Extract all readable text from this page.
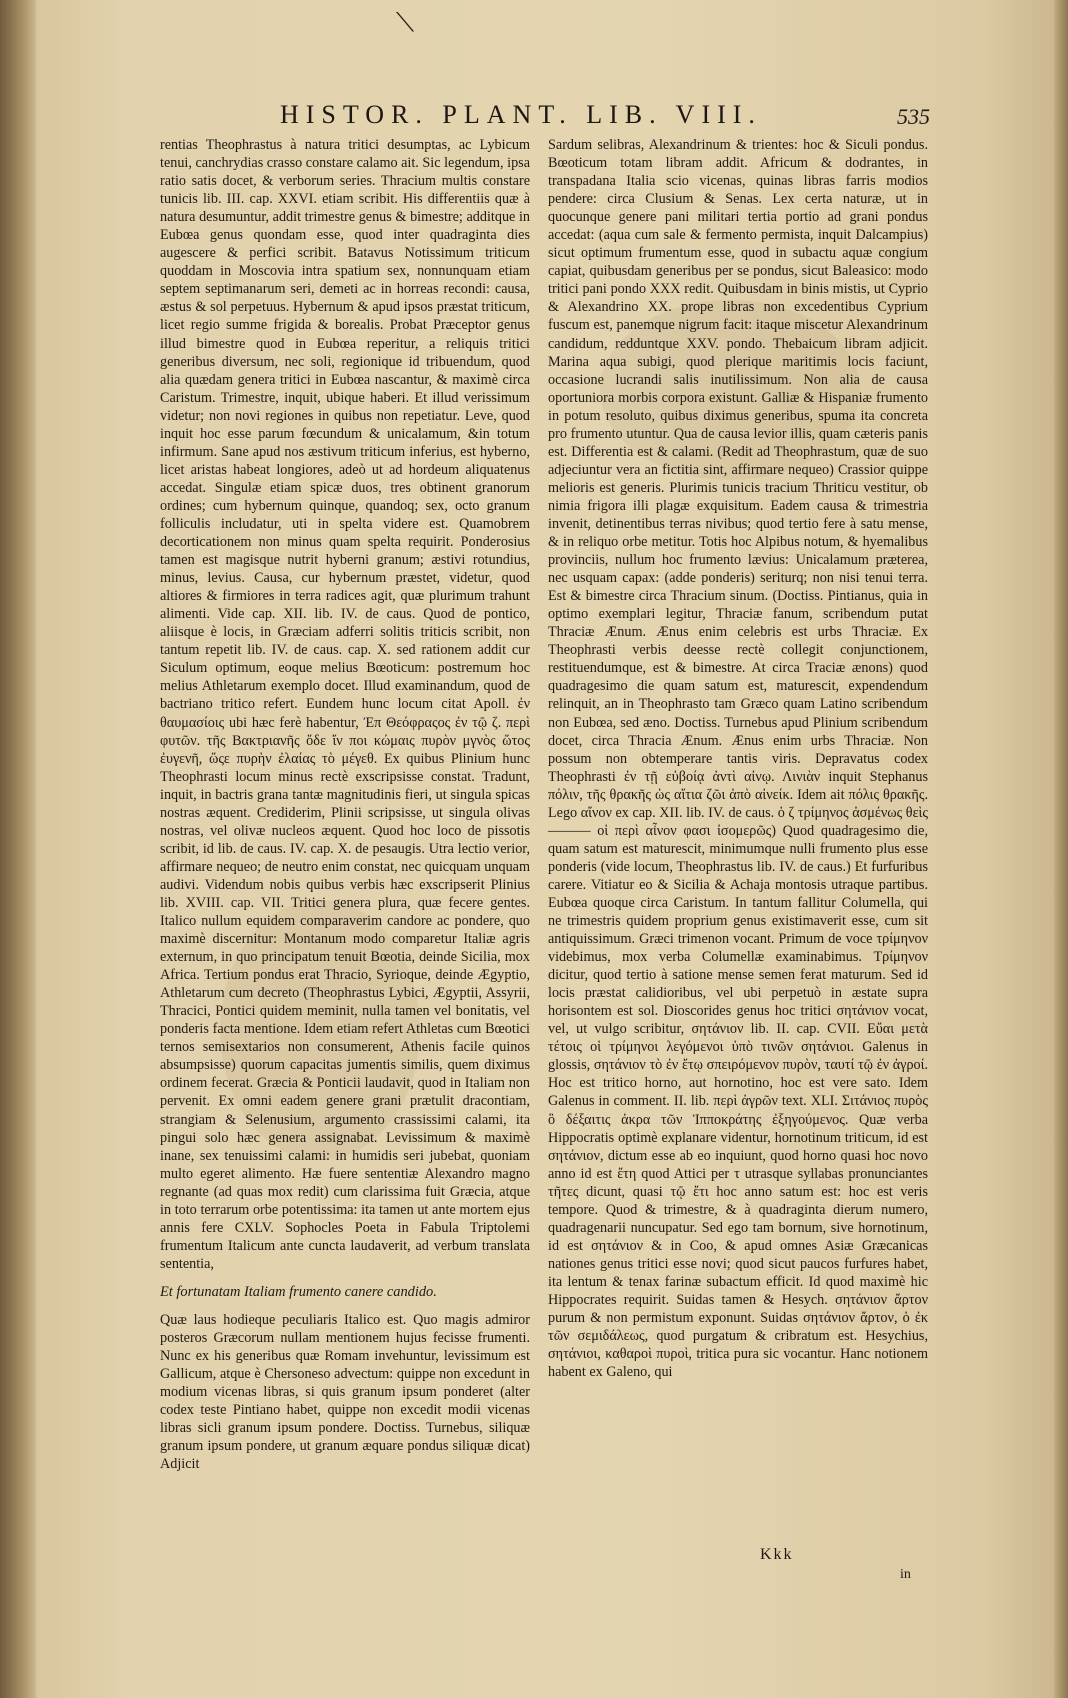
⟍
HISTOR. PLANT. LIB. VIII.	535

rentias Theophrastus à natura tritici desumptas, ac Lybicum tenui, canchrydias crasso constare calamo ait. Sic legendum, ipsa ratio satis docet, & verborum series. Thracium multis constare tunicis lib. III. cap. XXVI. etiam scribit. His differentiis quæ à natura desumuntur, addit trimestre genus & bimestre; additque in Eubœa genus quondam esse, quod inter quadraginta dies augescere & perfici scribit. Batavus Notissimum triticum quoddam in Moscovia intra spatium sex, nonnunquam etiam septem septimanarum seri, demeti ac in horreas recondi: causa, æstus & sol perpetuus. Hybernum & apud ipsos præstat triticum, licet regio summe frigida & borealis. Probat Præceptor genus illud bimestre quod in Eubœa reperitur, a reliquis tritici generibus diversum, nec soli, regionique id tribuendum, quod alia quædam genera tritici in Eubœa nascantur, & maximè circa Caristum. Trimestre, inquit, ubique haberi. Et illud verissimum videtur; non novi regiones in quibus non repetiatur. Leve, quod inquit hoc esse parum fœcundum & unicalamum, &in totum infirmum. Sane apud nos æstivum triticum inferius, est hyberno, licet aristas habeat longiores, adeò ut ad hordeum aliquatenus accedat. Singulæ etiam spicæ duos, tres obtinent granorum ordines; cum hybernum quinque, quandoq; sex, octo granum folliculis includatur, uti in spelta videre est. Quamobrem decorticationem non minus quam spelta requirit. Ponderosius tamen est magisque nutrit hyberni granum; æstivi rotundius, minus, levius. Causa, cur hybernum præstet, videtur, quod altiores & firmiores in terra radices agit, quæ plurimum trahunt alimenti. Vide cap. XII. lib. IV. de caus. Quod de pontico, aliisque è locis, in Græciam adferri solitis triticis scribit, non tantum repetit lib. IV. de caus. cap. X. sed rationem addit cur Siculum optimum, eoque melius Bœoticum: postremum hoc melius Athletarum exemplo docet. Illud examinandum, quod de bactriano tritico refert. Eundem hunc locum citat Apoll. ἐν θαυμασίοις ubi hæc ferè habentur, Ἐπ Θεόφραςος ἐν τῷ ζ. περὶ φυτῶν. τῆς Βακτριανῆς ὅδε ἴν ποι κώμαις πυρὸν μγνὸς ὥτος ἐυγενῆ, ὥςε πυρὴν ἐλαίας τὸ μέγεθ. Ex quibus Plinium hunc Theophrasti locum minus rectè exscripsisse constat. Tradunt, inquit, in bactris grana tantæ magnitudinis fieri, ut singula spicas nostras æquent. Crediderim, Plinii scripsisse, ut singula olivas nostras, vel olivæ nucleos æquent. Quod hoc loco de pissotis scribit, id lib. de caus. IV. cap. X. de pesaugis. Utra lectio verior, affirmare nequeo; de neutro enim constat, nec quicquam unquam audivi. Videndum nobis quibus verbis hæc exscripserit Plinius lib. XVIII. cap. VII. Tritici genera plura, quæ fecere gentes. Italico nullum equidem comparaverim candore ac pondere, quo maximè discernitur: Montanum modo comparetur Italiæ agris externum, in quo principatum tenuit Bœotia, deinde Sicilia, mox Africa. Tertium pondus erat Thracio, Syrioque, deinde Ægyptio, Athletarum cum decreto (Theophrastus Lybici, Ægyptii, Assyrii, Thracici, Pontici quidem meminit, nulla tamen vel bonitatis, vel ponderis facta mentione. Idem etiam refert Athletas cum Bœotici ternos semisextarios non consumerent, Athenis facile quinos absumpsisse) quorum capacitas jumentis similis, quem diximus ordinem fecerat. Græcia & Ponticii laudavit, quod in Italiam non pervenit. Ex omni eadem genere grani prætulit dracontiam, strangiam & Selenusium, argumento crassissimi calami, ita pingui solo hæc genera assignabat. Levissimum & maximè inane, sex tenuissimi calami: in humidis seri jubebat, quoniam multo egeret alimento. Hæ fuere sententiæ Alexandro magno regnante (ad quas mox redit) cum clarissima fuit Græcia, atque in toto terrarum orbe potentissima: ita tamen ut ante mortem ejus annis fere CXLV. Sophocles Poeta in Fabula Triptolemi frumentum Italicum ante cuncta laudaverit, ad verbum translata sententia,

Et fortunatam Italiam frumento canere candido.

Quæ laus hodieque peculiaris Italico est. Quo magis admiror posteros Græcorum nullam mentionem hujus fecisse frumenti. Nunc ex his generibus quæ Romam invehuntur, levissimum est Gallicum, atque è Chersoneso advectum: quippe non excedunt in modium vicenas libras, si quis granum ipsum ponderet (alter codex teste Pintiano habet, quippe non excedit modii vicenas libras sicli granum ipsum pondere. Doctiss. Turnebus, siliquæ granum ipsum pondere, ut granum æquare pondus siliquæ dicat) Adjicit

Sardum selibras, Alexandrinum & trientes: hoc & Siculi pondus. Bœoticum totam libram addit. Africum & dodrantes, in transpadana Italia scio vicenas, quinas libras farris modios pendere: circa Clusium & Senas. Lex certa naturæ, ut in quocunque genere pani militari tertia portio ad grani pondus accedat: (aqua cum sale & fermento permista, inquit Dalcampius) sicut optimum frumentum esse, quod in subactu aquæ congium capiat, quibusdam generibus per se pondus, sicut Baleasico: modo tritici pani pondo XXX redit. Quibusdam in binis mistis, ut Cyprio & Alexandrino XX. prope libras non excedentibus Cyprium fuscum est, panemque nigrum facit: itaque miscetur Alexandrinum candidum, redduntque XXV. pondo. Thebaicum libram adjicit. Marina aqua subigi, quod plerique maritimis locis faciunt, occasione lucrandi salis inutilissimum. Non alia de causa oportuniora morbis corpora existunt. Galliæ & Hispaniæ frumento in potum resoluto, quibus diximus generibus, spuma ita concreta pro frumento utuntur. Qua de causa levior illis, quam cæteris panis est. Differentia est & calami. (Redit ad Theophrastum, quæ de suo adjeciuntur vera an fictitia sint, affirmare nequeo) Crassior quippe melioris est generis. Plurimis tunicis tracium Thriticu vestitur, ob nimia frigora illi plagæ exquisitum. Eadem causa & trimestria invenit, detinentibus terras nivibus; quod tertio fere à satu mense, & in reliquo orbe metitur. Totis hoc Alpibus notum, & hyemalibus provinciis, nullum hoc frumento lævius: Unicalamum præterea, nec usquam capax: (adde ponderis) seriturq; non nisi tenui terra. Est & bimestre circa Thracium sinum. (Doctiss. Pintianus, quia in optimo exemplari legitur, Thraciæ fanum, scribendum putat Thraciæ Ænum. Ænus enim celebris est urbs Thraciæ. Ex Theophrasti verbis deesse rectè collegit conjunctionem, restituendumque, est & bimestre. At circa Traciæ ænons) quod quadragesimo die quam satum est, maturescit, expendendum relinquit, an in Theophrasto tam Græco quam Latino scribendum non Eubœa, sed æno. Doctiss. Turnebus apud Plinium scribendum docet, circa Thracia Ænum. Ænus enim urbs Thraciæ. Non possum non obtemperare tantis viris. Depravatus codex Theophrasti ἐν τῇ εὐβοίᾳ ἀντὶ αἰνῳ. Λινιὰν inquit Stephanus πόλιν, τῆς θρακῆς ὡς αἴτια ζῶι ἀπὸ αἰνείκ. Idem ait πόλις θρακῆς. Lego αἴνον ex cap. XII. lib. IV. de caus. ὁ ζ τρίμηνος ἀσμένως θεὶς ——— οἱ περὶ αἶνον φασι ἰσομερῶς) Quod quadragesimo die, quam satum est maturescit, minimumque nulli frumento plus esse ponderis (vide locum, Theophrastus lib. IV. de caus.) Et furfuribus carere. Vitiatur eo & Sicilia & Achaja montosis utraque partibus. Eubœa quoque circa Caristum. In tantum fallitur Columella, qui ne trimestris quidem proprium genus existimaverit esse, cum sit antiquissimum. Græci trimenon vocant. Primum de voce τρίμηνον videbimus, mox verba Columellæ examinabimus. Τρίμηνον dicitur, quod tertio à satione mense semen ferat maturum. Sed id locis præstat calidioribus, vel ubi perpetuò in æstate supra horisontem est sol. Dioscorides genus hoc tritici σητάνιον vocat, vel, ut vulgo scribitur, σητάνιον lib. II. cap. CVII. Εὔαι μετὰ τέτοις οἱ τρίμηνοι λεγόμενοι ὑπὸ τινῶν σητάνιοι. Galenus in glossis, σητάνιον τὸ ἐν ἔτῳ σπειρόμενον πυρὸν, ταυτί τῷ ἐν ἀγροί. Hoc est tritico horno, aut hornotino, hoc est vere sato. Idem Galenus in comment. II. lib. περὶ ἀγρῶν text. XLI. Σιτάνιος πυρὸς ὃ δέξαιτις ἀκρα τῶν Ἱπποκράτης ἐξηγούμενος. Quæ verba Hippocratis optimè explanare videntur, hornotinum triticum, id est σητάνιον, dictum esse ab eo inquiunt, quod horno quasi hoc novo anno id est ἔτη quod Attici per τ utrasque syllabas pronunciantes τῆτες dicunt, quasi τῷ ἔτι hoc anno satum est: hoc est veris tempore. Quod & trimestre, & à quadraginta dierum numero, quadragenarii nuncupatur. Sed ego tam bornum, sive hornotinum, id est σητάνιον & in Coo, & apud omnes Asiæ Græcanicas nationes genus tritici esse novi; quod sicut paucos furfures habet, ita lentum & tenax farinæ subactum efficit. Id quod maximè hic Hippocrates requirit. Suidas tamen & Hesych. σητάνιον ἄρτον purum & non permistum exponunt. Suidas σητάνιον ἄρτον, ὁ ἐκ τῶν σεμιδάλεως, quod purgatum & cribratum est. Hesychius, σητάνιοι, καθαροὶ πυροὶ, tritica pura sic vocantur. Hanc notionem habent ex Galeno, qui

Kkk
in
